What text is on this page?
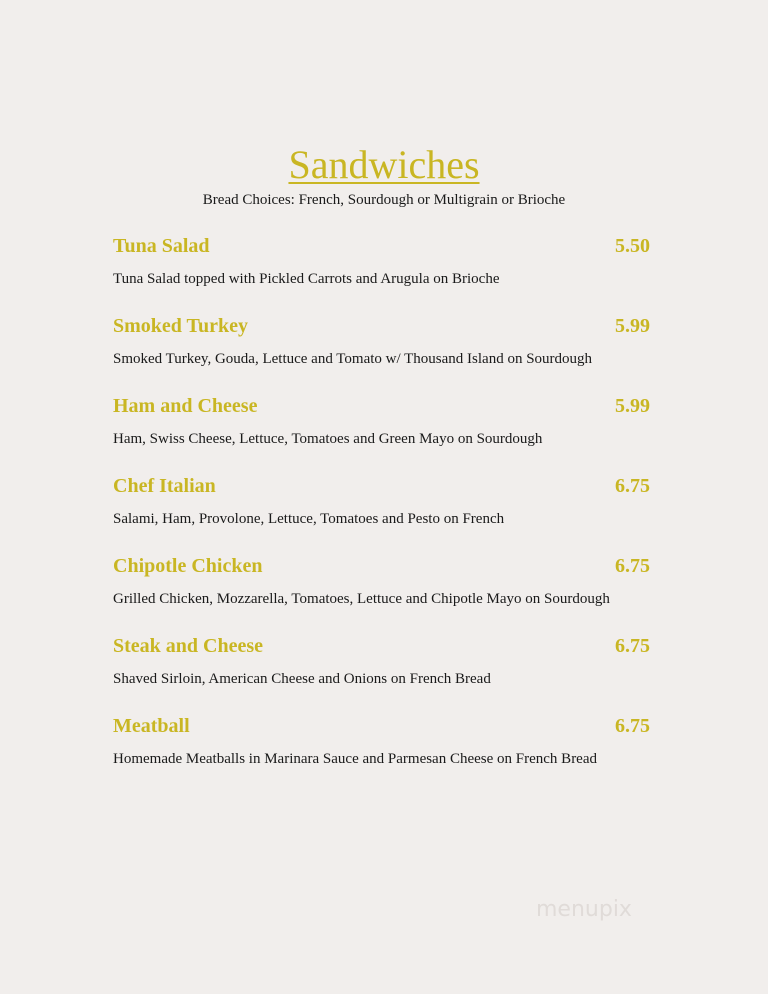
Sandwiches
Bread Choices: French, Sourdough or Multigrain or Brioche
Tuna Salad	5.50
Tuna Salad topped with Pickled Carrots and Arugula on Brioche
Smoked Turkey	5.99
Smoked Turkey, Gouda, Lettuce and Tomato w/ Thousand Island on Sourdough
Ham and Cheese	5.99
Ham, Swiss Cheese, Lettuce, Tomatoes and Green Mayo on Sourdough
Chef Italian	6.75
Salami, Ham, Provolone, Lettuce, Tomatoes and Pesto on French
Chipotle Chicken	6.75
Grilled Chicken, Mozzarella, Tomatoes, Lettuce and Chipotle Mayo on Sourdough
Steak and Cheese	6.75
Shaved Sirloin, American Cheese and Onions on French Bread
Meatball	6.75
Homemade Meatballs in Marinara Sauce and Parmesan Cheese on French Bread
menupix
